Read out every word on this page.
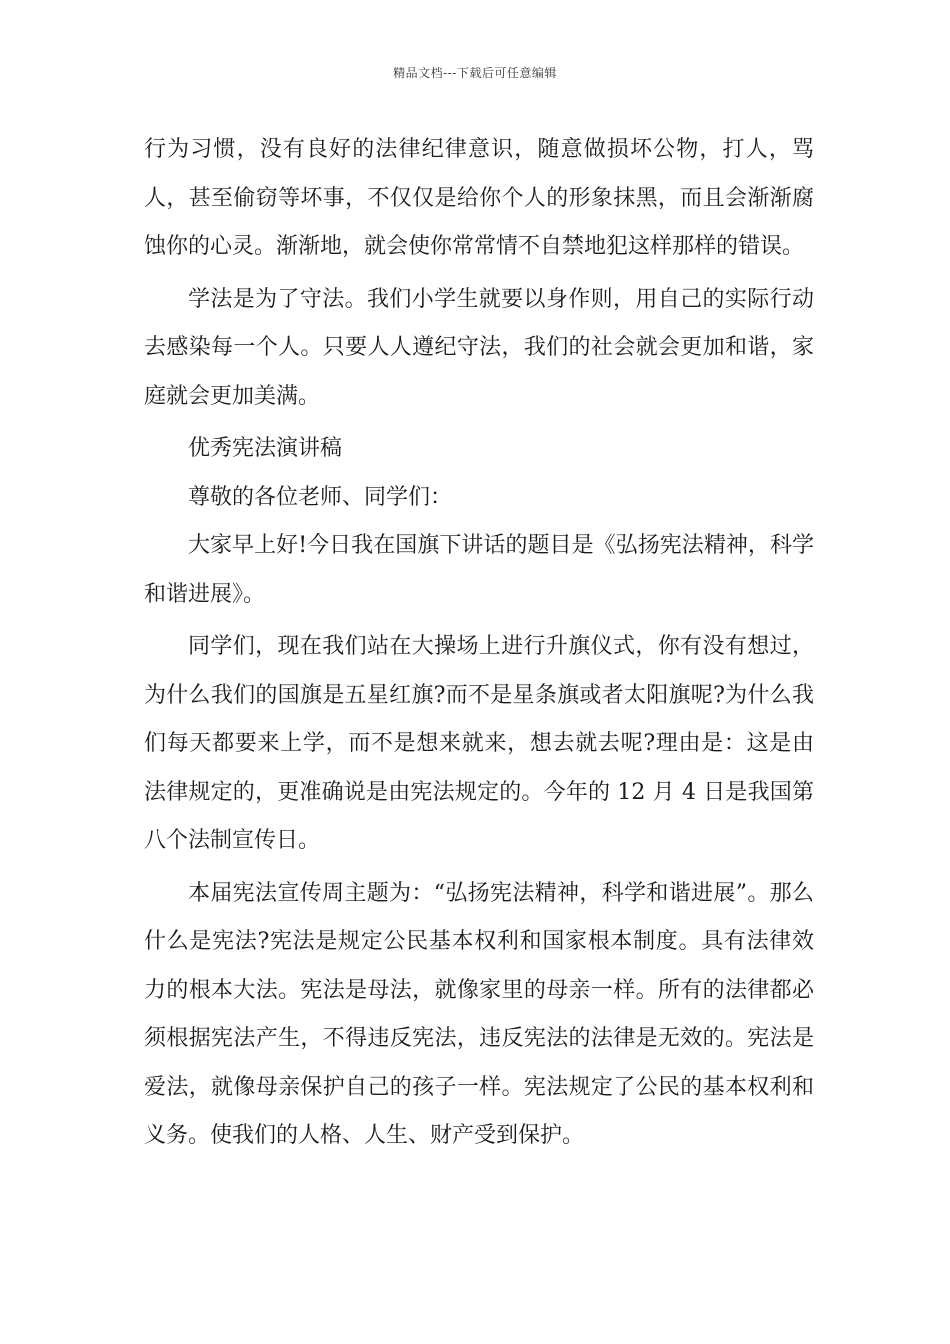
精品文档---下载后可任意编辑

行为习惯，没有良好的法律纪律意识，随意做损坏公物，打人，骂人，甚至偷窃等坏事，不仅仅是给你个人的形象抹黑，而且会渐渐腐蚀你的心灵。渐渐地，就会使你常常情不自禁地犯这样那样的错误。

学法是为了守法。我们小学生就要以身作则，用自己的实际行动去感染每一个人。只要人人遵纪守法，我们的社会就会更加和谐，家庭就会更加美满。

优秀宪法演讲稿

尊敬的各位老师、同学们：

大家早上好!今日我在国旗下讲话的题目是《弘扬宪法精神，科学和谐进展》。

同学们，现在我们站在大操场上进行升旗仪式，你有没有想过，为什么我们的国旗是五星红旗?而不是星条旗或者太阳旗呢?为什么我们每天都要来上学，而不是想来就来，想去就去呢?理由是：这是由法律规定的，更准确说是由宪法规定的。今年的 12 月 4 日是我国第八个法制宣传日。

本届宪法宣传周主题为：“弘扬宪法精神，科学和谐进展”。那么什么是宪法?宪法是规定公民基本权利和国家根本制度。具有法律效力的根本大法。宪法是母法，就像家里的母亲一样。所有的法律都必须根据宪法产生，不得违反宪法，违反宪法的法律是无效的。宪法是爱法，就像母亲保护自己的孩子一样。宪法规定了公民的基本权利和义务。使我们的人格、人生、财产受到保护。
